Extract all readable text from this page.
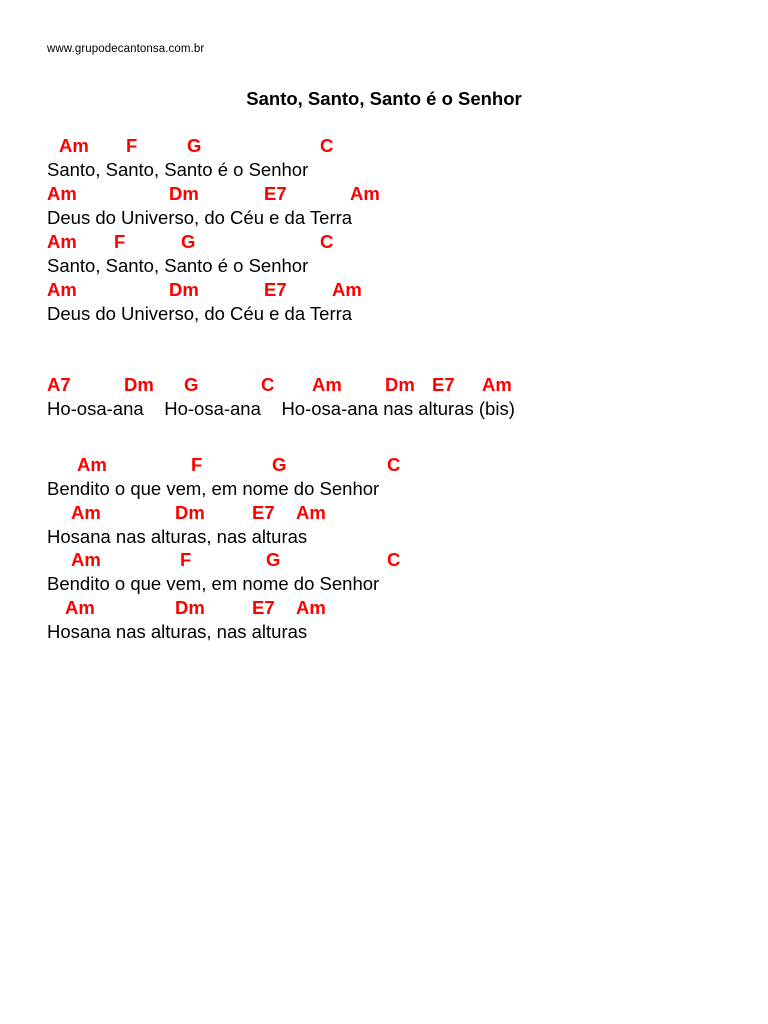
www.grupodecantonsa.com.br
Santo, Santo, Santo é o Senhor
Am F	G	C
Santo, Santo, Santo é o Senhor
Am	Dm	E7	Am
Deus do Universo, do Céu e da Terra
Am F	G	C
Santo, Santo, Santo é o Senhor
Am	Dm	E7 Am
Deus do Universo, do Céu e da Terra
A7	Dm G	C Am Dm E7 Am
Ho-osa-ana    Ho-osa-ana    Ho-osa-ana nas alturas (bis)
Am	F	G	C
Bendito o que vem, em nome do Senhor
Am	Dm	E7 Am
Hosana nas alturas, nas alturas
Am	F	G	C
Bendito o que vem, em nome do Senhor
Am	Dm	E7 Am
Hosana nas alturas, nas alturas
